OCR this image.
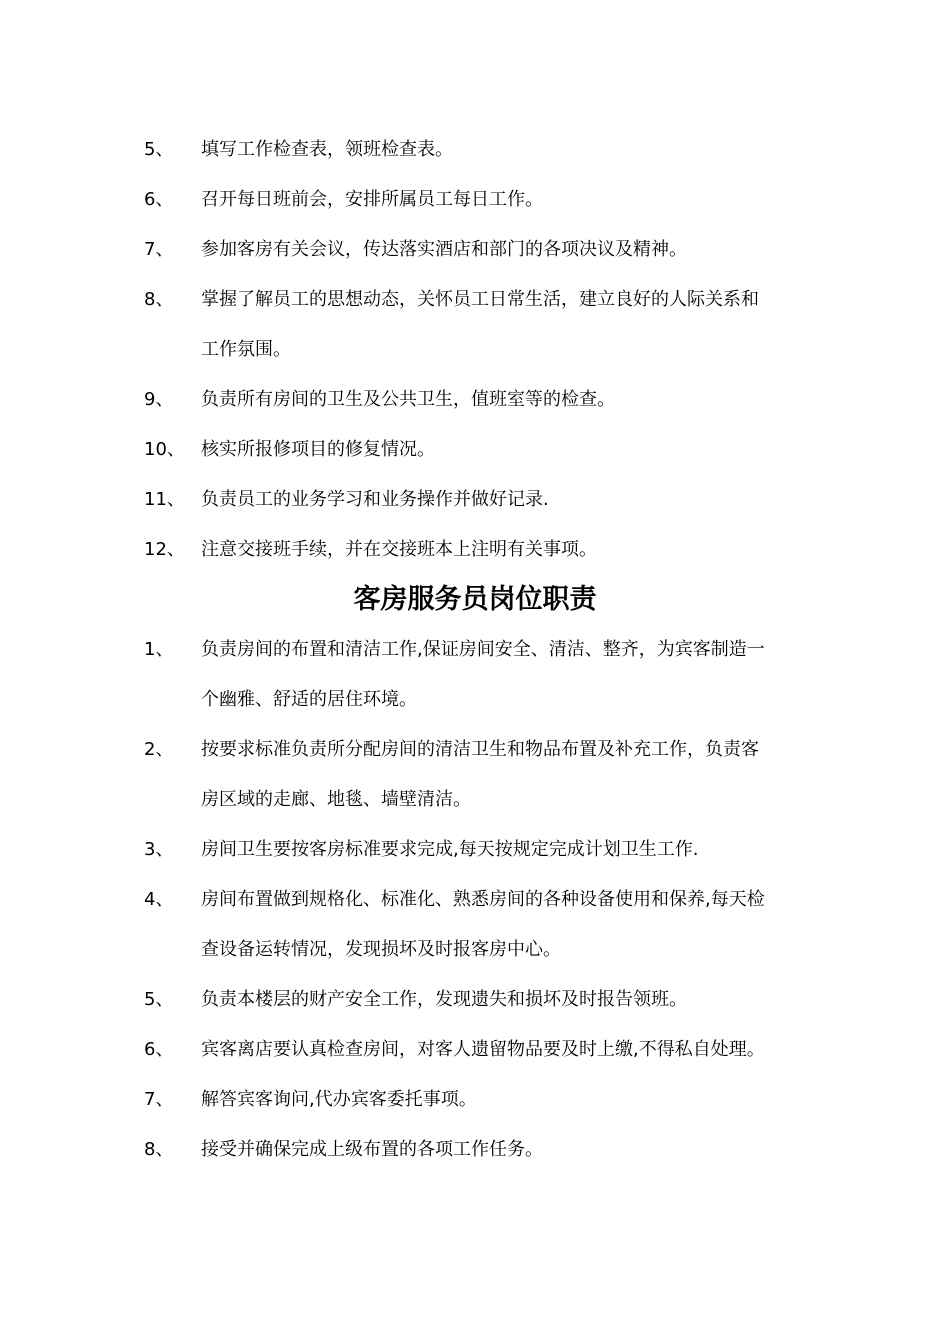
5、 填写工作检查表，领班检查表。
6、 召开每日班前会，安排所属员工每日工作。
7、 参加客房有关会议，传达落实酒店和部门的各项决议及精神。
8、 掌握了解员工的思想动态，关怀员工日常生活，建立良好的人际关系和
工作氛围。
9、 负责所有房间的卫生及公共卫生，值班室等的检查。
10、 核实所报修项目的修复情况。
11、 负责员工的业务学习和业务操作并做好记录.
12、 注意交接班手续，并在交接班本上注明有关事项。
客房服务员岗位职责
1、 负责房间的布置和清洁工作,保证房间安全、清洁、整齐，为宾客制造一
个幽雅、舒适的居住环境。
2、 按要求标准负责所分配房间的清洁卫生和物品布置及补充工作，负责客
房区域的走廊、地毯、墙壁清洁。
3、 房间卫生要按客房标准要求完成,每天按规定完成计划卫生工作.
4、 房间布置做到规格化、标准化、熟悉房间的各种设备使用和保养,每天检
查设备运转情况，发现损坏及时报客房中心。
5、 负责本楼层的财产安全工作，发现遗失和损坏及时报告领班。
6、 宾客离店要认真检查房间，对客人遗留物品要及时上缴,不得私自处理。
7、 解答宾客询问,代办宾客委托事项。
8、 接受并确保完成上级布置的各项工作任务。
